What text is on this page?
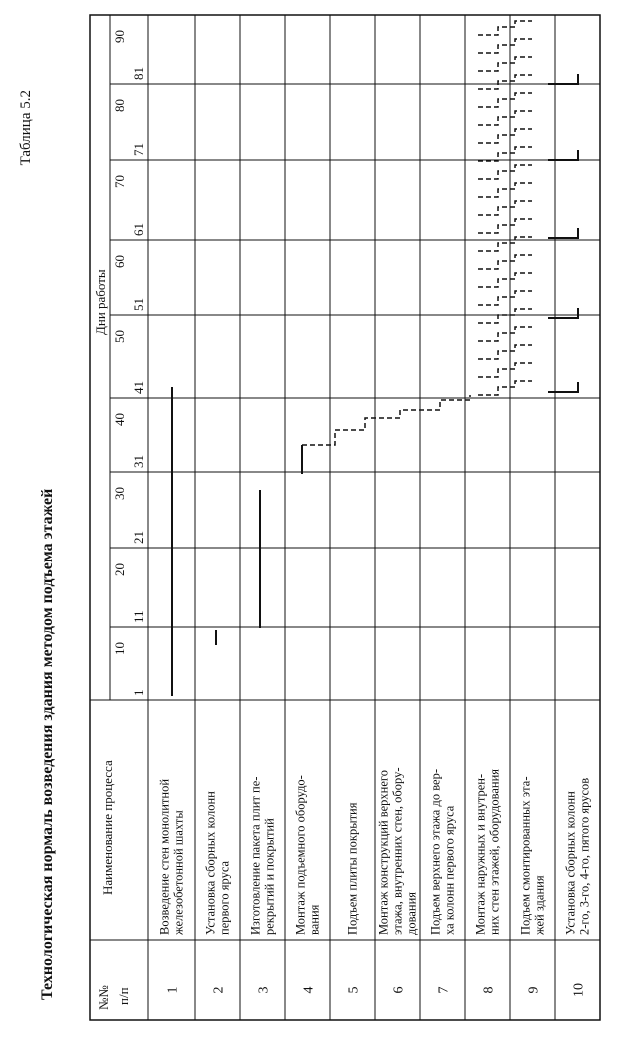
Таблица 5.2
Технологическая нормаль возведения здания методом подъема этажей	№№ п/п
Наименование процесса
Дни работы
10
1
20
11
30
21
40
31
50
41
60
51
70
61
80
71
90
81
1
Возведение стен монолитной железобетонной шахты
2
Установка сборных колонн первого яруса
3
Изготовление пакета плит пе- рекрытий и покрытий
4
Монтаж подъемного оборудо- вания
5
Подъем плиты покрытия
6
Монтаж конструкций верхнего этажа, внутренних стен, обору- дования
7
Подъем верхнего этажа до вер- ха колонн первого яруса
8
Монтаж наружных и внутрен- них стен этажей, оборудования
9
Подъем смонтированных эта- жей здания
10
Установка сборных колонн 2-го, 3-го, 4-го, пятого ярусов
